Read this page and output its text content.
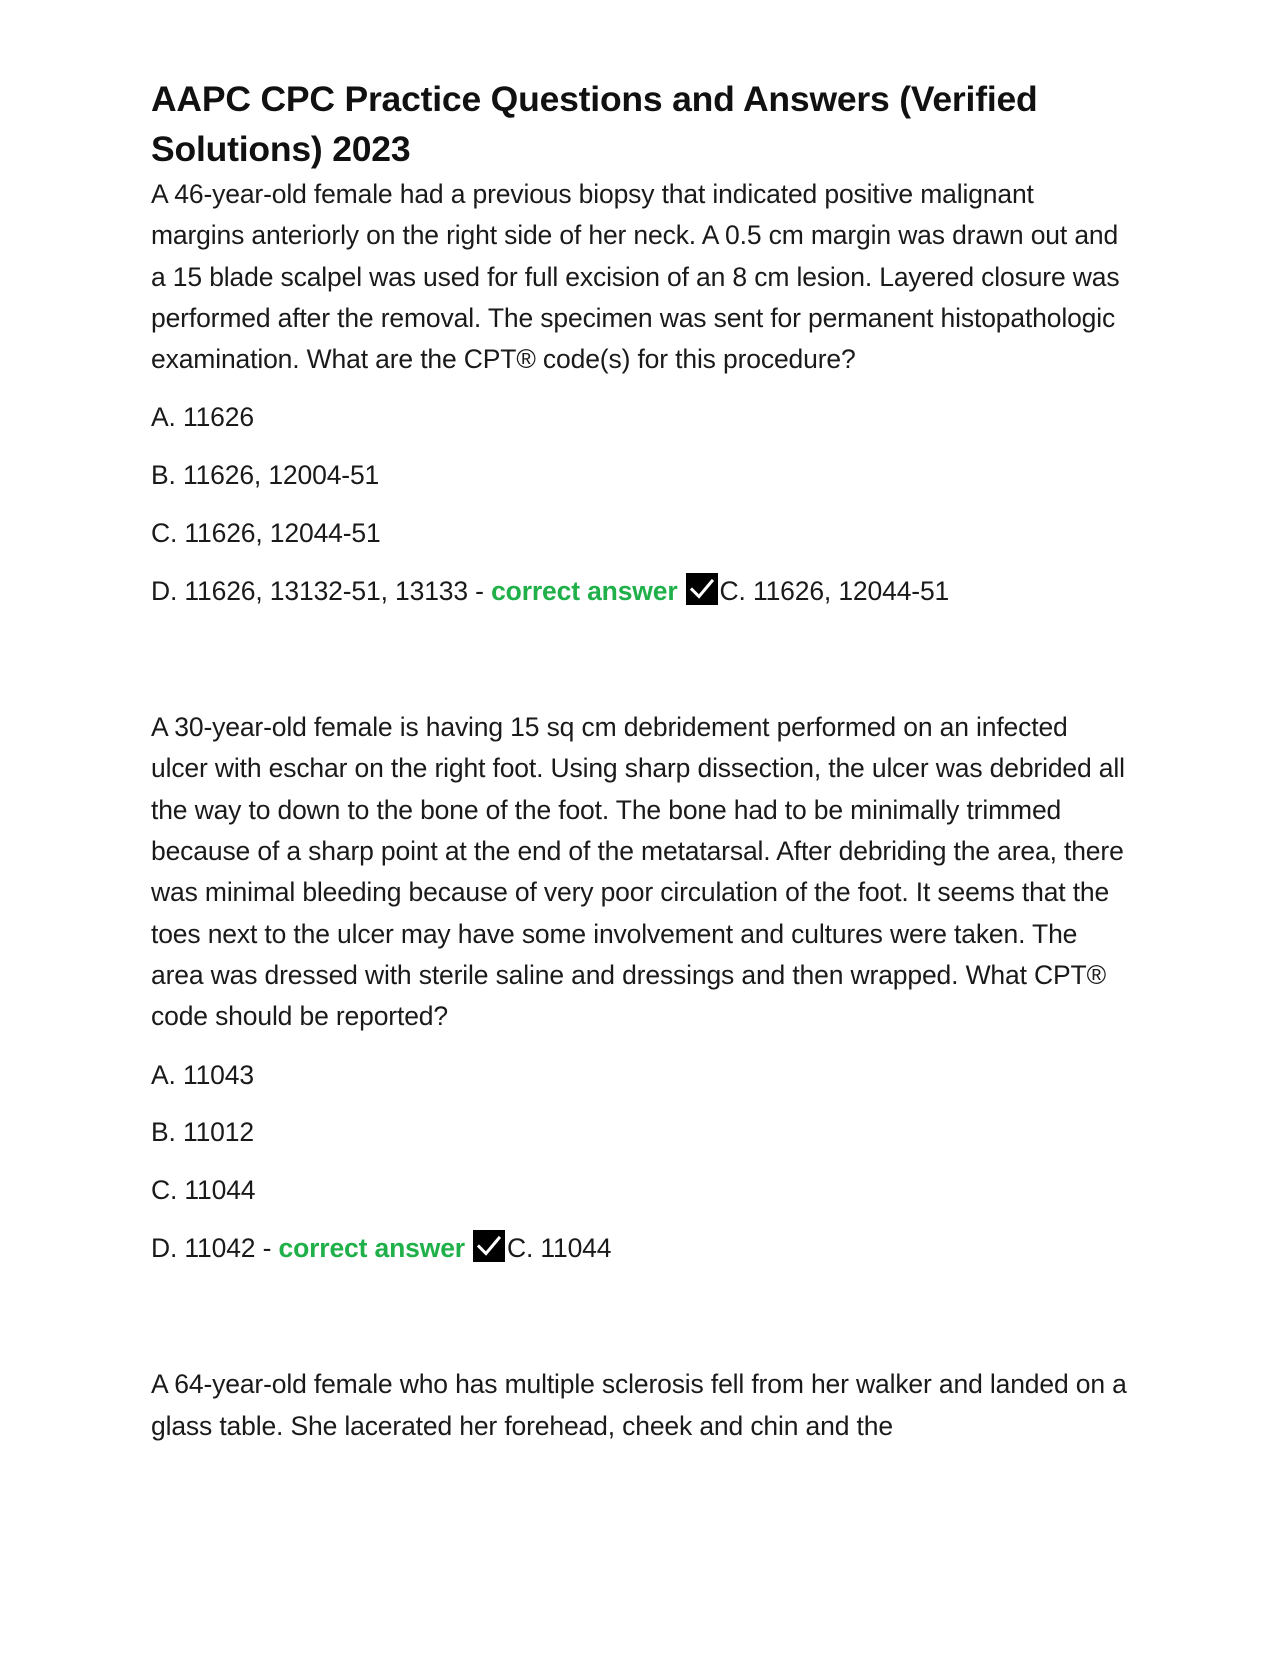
AAPC CPC Practice Questions and Answers (Verified Solutions) 2023

A 46-year-old female had a previous biopsy that indicated positive malignant margins anteriorly on the right side of her neck. A 0.5 cm margin was drawn out and a 15 blade scalpel was used for full excision of an 8 cm lesion. Layered closure was performed after the removal. The specimen was sent for permanent histopathologic examination. What are the CPT® code(s) for this procedure?

A. 11626
B. 11626, 12004-51
C. 11626, 12044-51
D. 11626, 13132-51, 13133 - correct answer C. 11626, 12044-51

A 30-year-old female is having 15 sq cm debridement performed on an infected ulcer with eschar on the right foot. Using sharp dissection, the ulcer was debrided all the way to down to the bone of the foot. The bone had to be minimally trimmed because of a sharp point at the end of the metatarsal. After debriding the area, there was minimal bleeding because of very poor circulation of the foot. It seems that the toes next to the ulcer may have some involvement and cultures were taken. The area was dressed with sterile saline and dressings and then wrapped. What CPT® code should be reported?

A. 11043
B. 11012
C. 11044
D. 11042 - correct answer C. 11044

A 64-year-old female who has multiple sclerosis fell from her walker and landed on a glass table. She lacerated her forehead, cheek and chin and the
